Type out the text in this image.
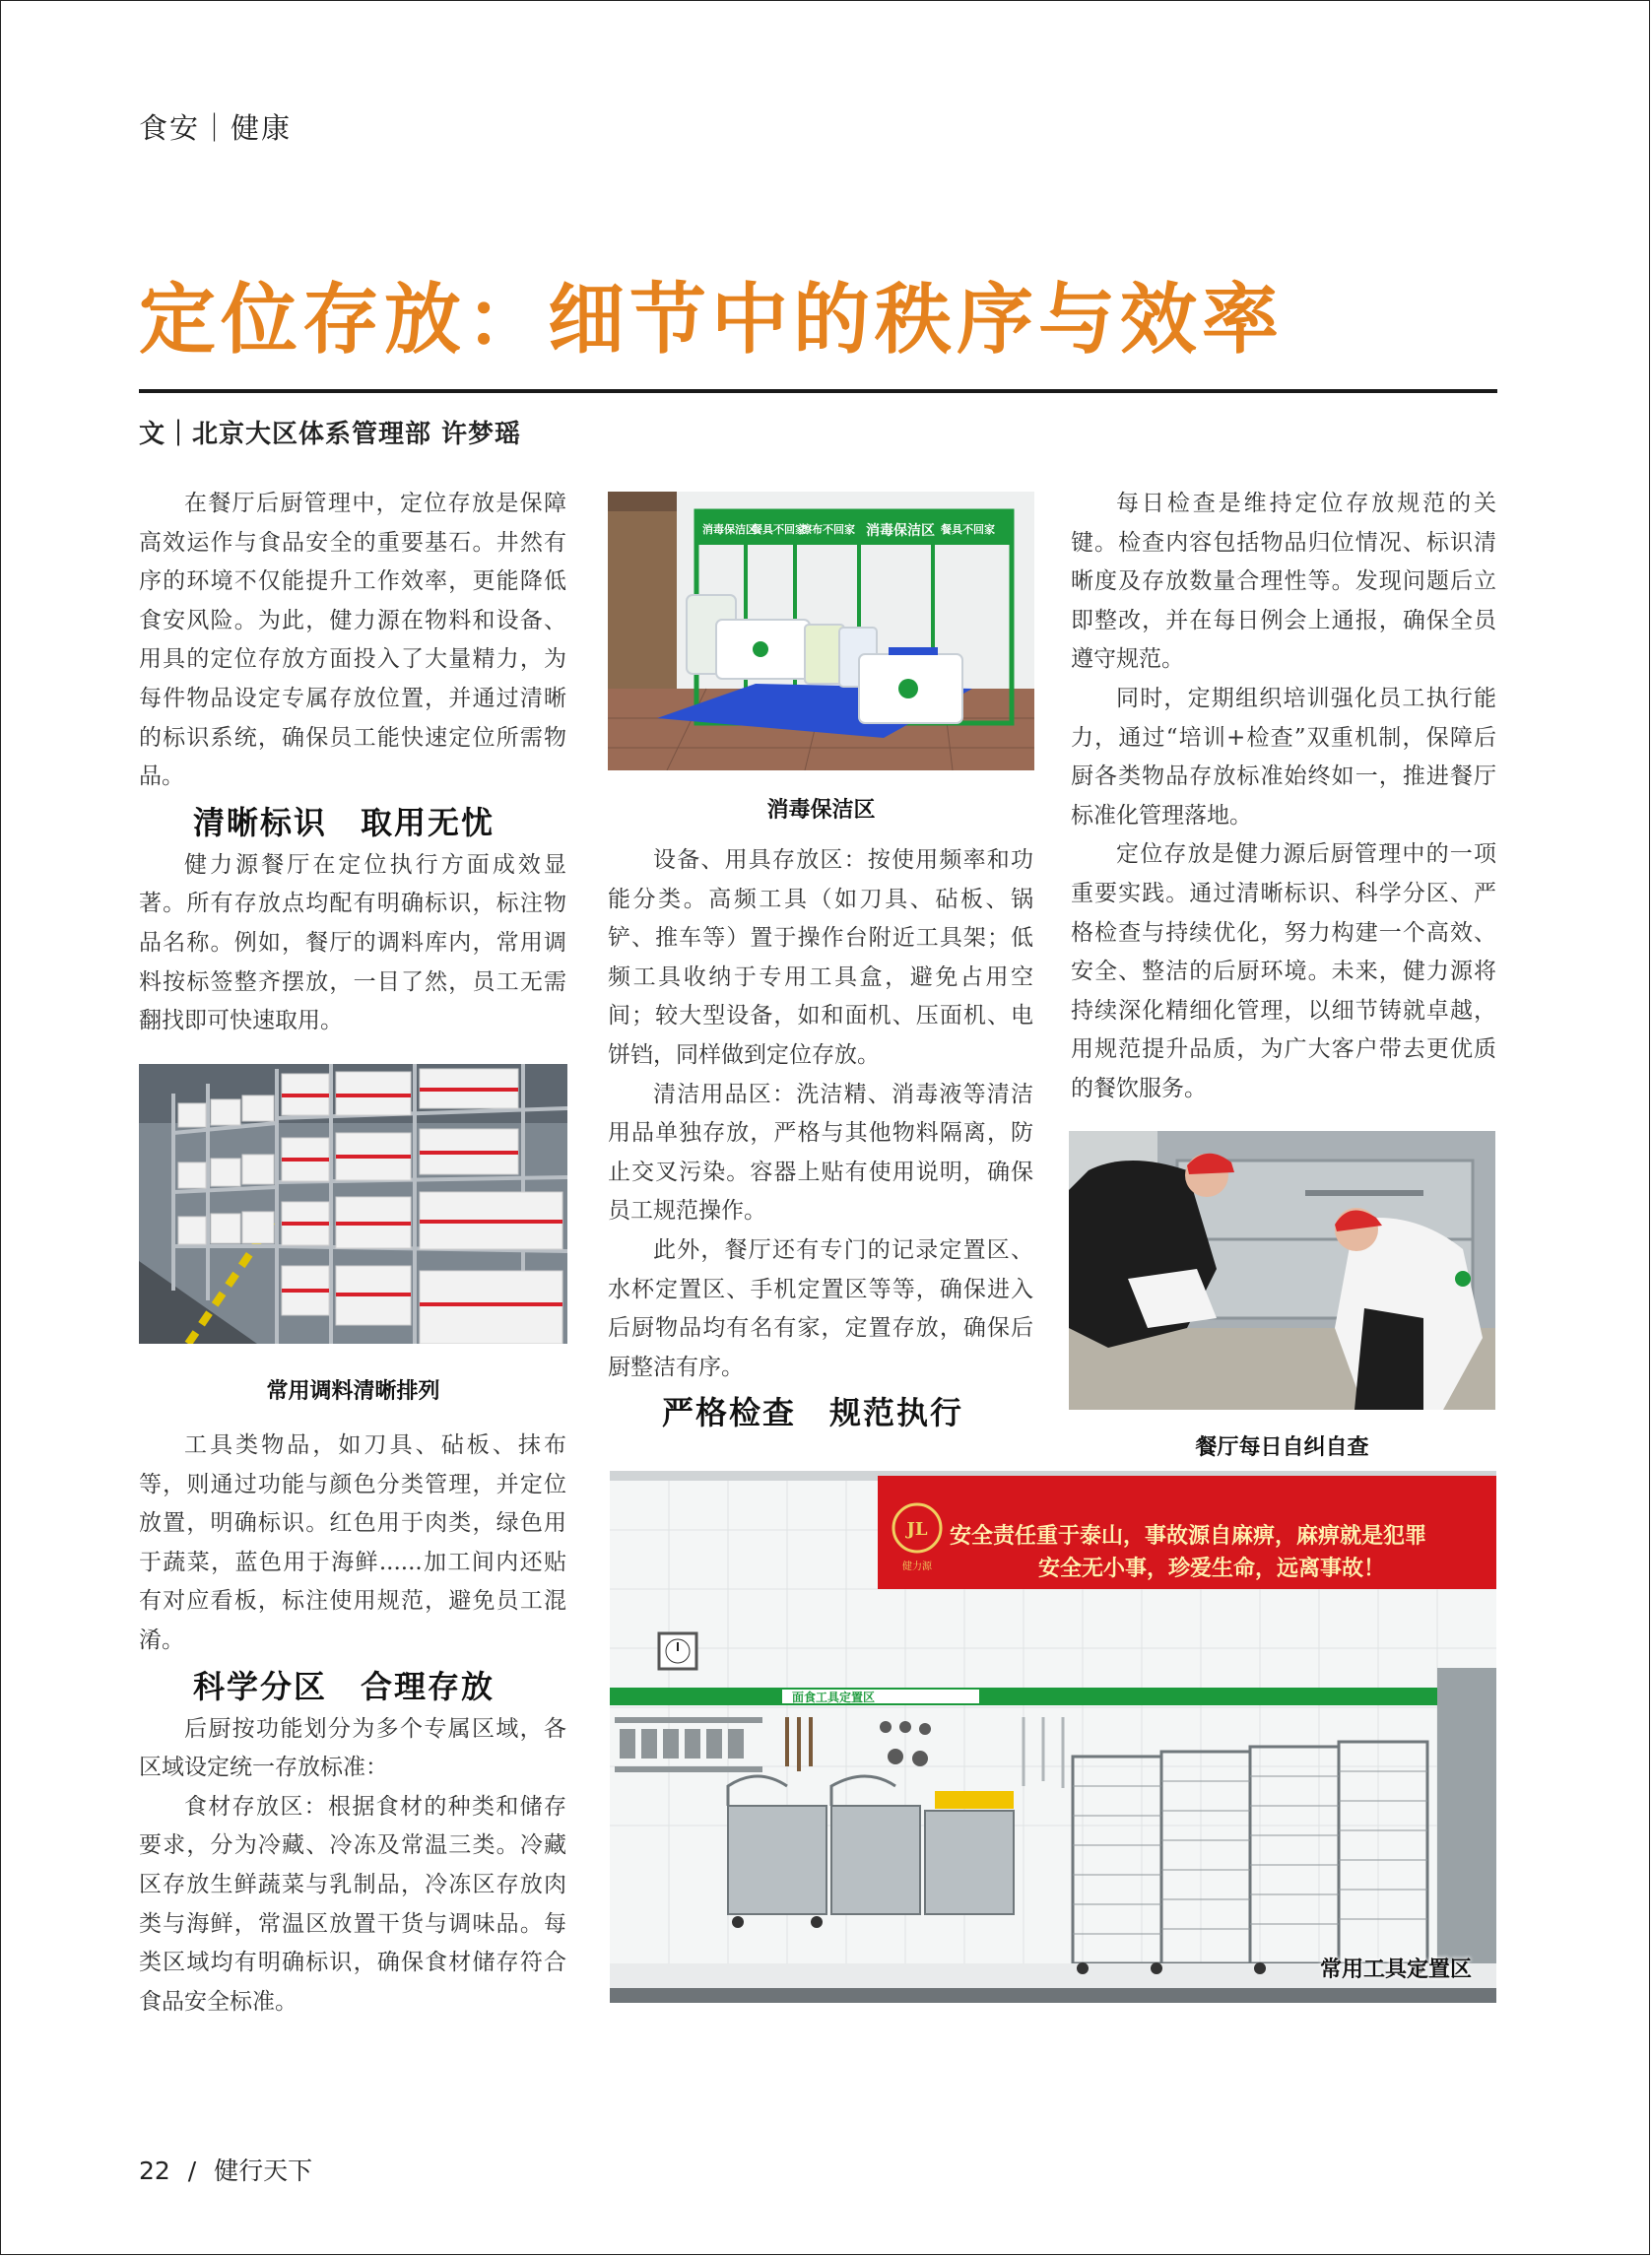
食安｜健康
定位存放：细节中的秩序与效率
文｜北京大区体系管理部 许梦瑶

在餐厅后厨管理中，定位存放是保障高效运作与食品安全的重要基石。井然有序的环境不仅能提升工作效率，更能降低食安风险。为此，健力源在物料和设备、用具的定位存放方面投入了大量精力，为每件物品设定专属存放位置，并通过清晰的标识系统，确保员工能快速定位所需物品。

清晰标识　取用无忧

健力源餐厅在定位执行方面成效显著。所有存放点均配有明确标识，标注物品名称。例如，餐厅的调料库内，常用调料按标签整齐摆放，一目了然，员工无需翻找即可快速取用。

常用调料清晰排列

工具类物品，如刀具、砧板、抹布等，则通过功能与颜色分类管理，并定位放置，明确标识。红色用于肉类，绿色用于蔬菜，蓝色用于海鲜......加工间内还贴有对应看板，标注使用规范，避免员工混淆。

科学分区　合理存放

后厨按功能划分为多个专属区域，各区域设定统一存放标准：

食材存放区：根据食材的种类和储存要求，分为冷藏、冷冻及常温三类。冷藏区存放生鲜蔬菜与乳制品，冷冻区存放肉类与海鲜，常温区放置干货与调味品。每类区域均有明确标识，确保食材储存符合食品安全标准。

消毒保洁区
餐具不回家
擦布不回家 消毒保洁区 餐具不回家
消毒保洁区

设备、用具存放区：按使用频率和功能分类。高频工具（如刀具、砧板、锅铲、推车等）置于操作台附近工具架；低频工具收纳于专用工具盒，避免占用空间；较大型设备，如和面机、压面机、电饼铛，同样做到定位存放。

清洁用品区：洗洁精、消毒液等清洁用品单独存放，严格与其他物料隔离，防止交叉污染。容器上贴有使用说明，确保员工规范操作。

此外，餐厅还有专门的记录定置区、水杯定置区、手机定置区等等，确保进入后厨物品均有名有家，定置存放，确保后厨整洁有序。

严格检查　规范执行

每日检查是维持定位存放规范的关键。检查内容包括物品归位情况、标识清晰度及存放数量合理性等。发现问题后立即整改，并在每日例会上通报，确保全员遵守规范。

同时，定期组织培训强化员工执行能力，通过“培训+检查”双重机制，保障后厨各类物品存放标准始终如一，推进餐厅标准化管理落地。

定位存放是健力源后厨管理中的一项重要实践。通过清晰标识、科学分区、严格检查与持续优化，努力构建一个高效、安全、整洁的后厨环境。未来，健力源将持续深化精细化管理，以细节铸就卓越，用规范提升品质，为广大客户带去更优质的餐饮服务。

餐厅每日自纠自查
JL
健力源
安全责任重于泰山，事故源自麻痹，麻痹就是犯罪
安全无小事，珍爱生命，远离事故！
面食工具定置区
常用工具定置区
22 / 健行天下
